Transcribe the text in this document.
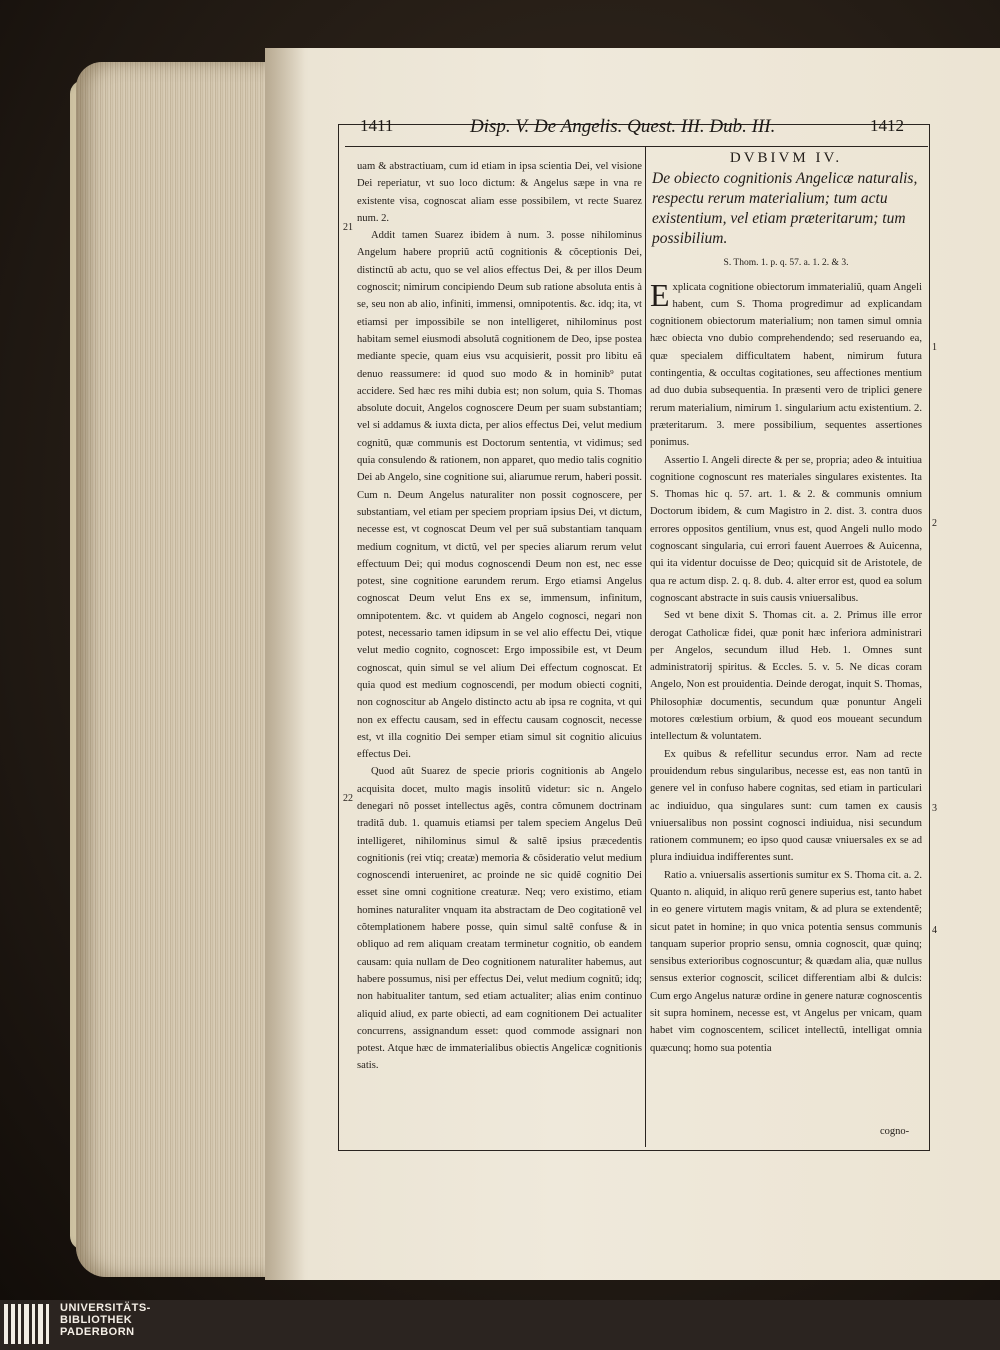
1411	Disp. V. De Angelis. Quest. III. Dub. III.	1412
21
22

uam & abstractiuam, cum id etiam in ipsa scientia Dei, vel visione Dei reperiatur, vt suo loco dictum: & Angelus sæpe in vna re existente visa, cognoscat aliam esse possibilem, vt recte Suarez num. 2.

Addit tamen Suarez ibidem à num. 3. posse nihilominus Angelum habere propriũ actũ cognitionis & cõceptionis Dei, distinctũ ab actu, quo se vel alios effectus Dei, & per illos Deum cognoscit; nimirum concipiendo Deum sub ratione absoluta entis à se, seu non ab alio, infiniti, immensi, omnipotentis. &c. idq; ita, vt etiamsi per impossibile se non intelligeret, nihilominus post habitam semel eiusmodi absolutã cognitionem de Deo, ipse postea mediante specie, quam eius vsu acquisierit, possit pro libitu eã denuo reassumere: id quod suo modo & in hominib⁹ putat accidere. Sed hæc res mihi dubia est; non solum, quia S. Thomas absolute docuit, Angelos cognoscere Deum per suam substantiam; vel si addamus & iuxta dicta, per alios effectus Dei, velut medium cognitũ, quæ communis est Doctorum sententia, vt vidimus; sed quia consulendo & rationem, non apparet, quo medio talis cognitio Dei ab Angelo, sine cognitione sui, aliarumue rerum, haberi possit. Cum n. Deum Angelus naturaliter non possit cognoscere, per substantiam, vel etiam per speciem propriam ipsius Dei, vt dictum, necesse est, vt cognoscat Deum vel per suã substantiam tanquam medium cognitum, vt dictũ, vel per species aliarum rerum velut effectuum Dei; qui modus cognoscendi Deum non est, nec esse potest, sine cognitione earundem rerum. Ergo etiamsi Angelus cognoscat Deum velut Ens ex se, immensum, infinitum, omnipotentem. &c. vt quidem ab Angelo cognosci, negari non potest, necessario tamen idipsum in se vel alio effectu Dei, vtique velut medio cognito, cognoscet: Ergo impossibile est, vt Deum cognoscat, quin simul se vel alium Dei effectum cognoscat. Et quia quod est medium cognoscendi, per modum obiecti cogniti, non cognoscitur ab Angelo distincto actu ab ipsa re cognita, vt qui non ex effectu causam, sed in effectu causam cognoscit, necesse est, vt illa cognitio Dei semper etiam simul sit cognitio alicuius effectus Dei.

Quod aũt Suarez de specie prioris cognitionis ab Angelo acquisita docet, multo magis insolitũ videtur: sic n. Angelo denegari nõ posset intellectus agẽs, contra cõmunem doctrinam traditã dub. 1. quamuis etiamsi per talem speciem Angelus Deũ intelligeret, nihilominus simul & saltẽ ipsius præcedentis cognitionis (rei vtiq; creatæ) memoria & cõsideratio velut medium cognoscendi interueniret, ac proinde ne sic quidẽ cognitio Dei esset sine omni cognitione creaturæ. Neq; vero existimo, etiam homines naturaliter vnquam ita abstractam de Deo cogitationẽ vel cõtemplationem habere posse, quin simul saltẽ confuse & in obliquo ad rem aliquam creatam terminetur cognitio, ob eandem causam: quia nullam de Deo cognitionem naturaliter habemus, aut habere possumus, nisi per effectus Dei, velut medium cognitũ; idq; non habitualiter tantum, sed etiam actualiter; alias enim continuo aliquid aliud, ex parte obiecti, ad eam cognitionem Dei actualiter concurrens, assignandum esset: quod commode assignari non potest. Atque hæc de immaterialibus obiectis Angelicæ cognitionis satis.

1
2
3
4
DVBIVM IV.
De obiecto cognitionis Angelicæ naturalis, respectu rerum materialium; tum actu existentium, vel etiam præteritarum; tum possibilium.
S. Thom. 1. p. q. 57. a. 1. 2. & 3.

Explicata cognitione obiectorum immaterialiũ, quam Angeli habent, cum S. Thoma progredimur ad explicandam cognitionem obiectorum materialium; non tamen simul omnia hæc obiecta vno dubio comprehendendo; sed reseruando ea, quæ specialem difficultatem habent, nimirum futura contingentia, & occultas cogitationes, seu affectiones mentium ad duo dubia subsequentia. In præsenti vero de triplici genere rerum materialium, nimirum 1. singularium actu existentium. 2. præteritarum. 3. mere possibilium, sequentes assertiones ponimus.

Assertio I. Angeli directe & per se, propria; adeo & intuitiua cognitione cognoscunt res materiales singulares existentes. Ita S. Thomas hic q. 57. art. 1. & 2. & communis omnium Doctorum ibidem, & cum Magistro in 2. dist. 3. contra duos errores oppositos gentilium, vnus est, quod Angeli nullo modo cognoscant singularia, cui errori fauent Auerroes & Auicenna, qui ita videntur docuisse de Deo; quicquid sit de Aristotele, de qua re actum disp. 2. q. 8. dub. 4. alter error est, quod ea solum cognoscant abstracte in suis causis vniuersalibus.

Sed vt bene dixit S. Thomas cit. a. 2. Primus ille error derogat Catholicæ fidei, quæ ponit hæc inferiora administrari per Angelos, secundum illud Heb. 1. Omnes sunt administratorij spiritus. & Eccles. 5. v. 5. Ne dicas coram Angelo, Non est prouidentia. Deinde derogat, inquit S. Thomas, Philosophiæ documentis, secundum quæ ponuntur Angeli motores cœlestium orbium, & quod eos moueant secundum intellectum & voluntatem.

Ex quibus & refellitur secundus error. Nam ad recte prouidendum rebus singularibus, necesse est, eas non tantũ in genere vel in confuso habere cognitas, sed etiam in particulari ac indiuiduo, qua singulares sunt: cum tamen ex causis vniuersalibus non possint cognosci indiuidua, nisi secundum rationem communem; eo ipso quod causæ vniuersales ex se ad plura indiuidua indifferentes sunt.

Ratio a. vniuersalis assertionis sumitur ex S. Thoma cit. a. 2. Quanto n. aliquid, in aliquo rerũ genere superius est, tanto habet in eo genere virtutem magis vnitam, & ad plura se extendentẽ; sicut patet in homine; in quo vnica potentia sensus communis tanquam superior proprio sensu, omnia cognoscit, quæ quinq; sensibus exterioribus cognoscuntur; & quædam alia, quæ nullus sensus exterior cognoscit, scilicet differentiam albi & dulcis: Cum ergo Angelus naturæ ordine in genere naturæ cognoscentis sit supra hominem, necesse est, vt Angelus per vnicam, quam habet vim cognoscentem, scilicet intellectũ, intelligat omnia quæcunq; homo sua potentia

cogno-
UNIVERSITÄTS-
BIBLIOTHEK
PADERBORN
